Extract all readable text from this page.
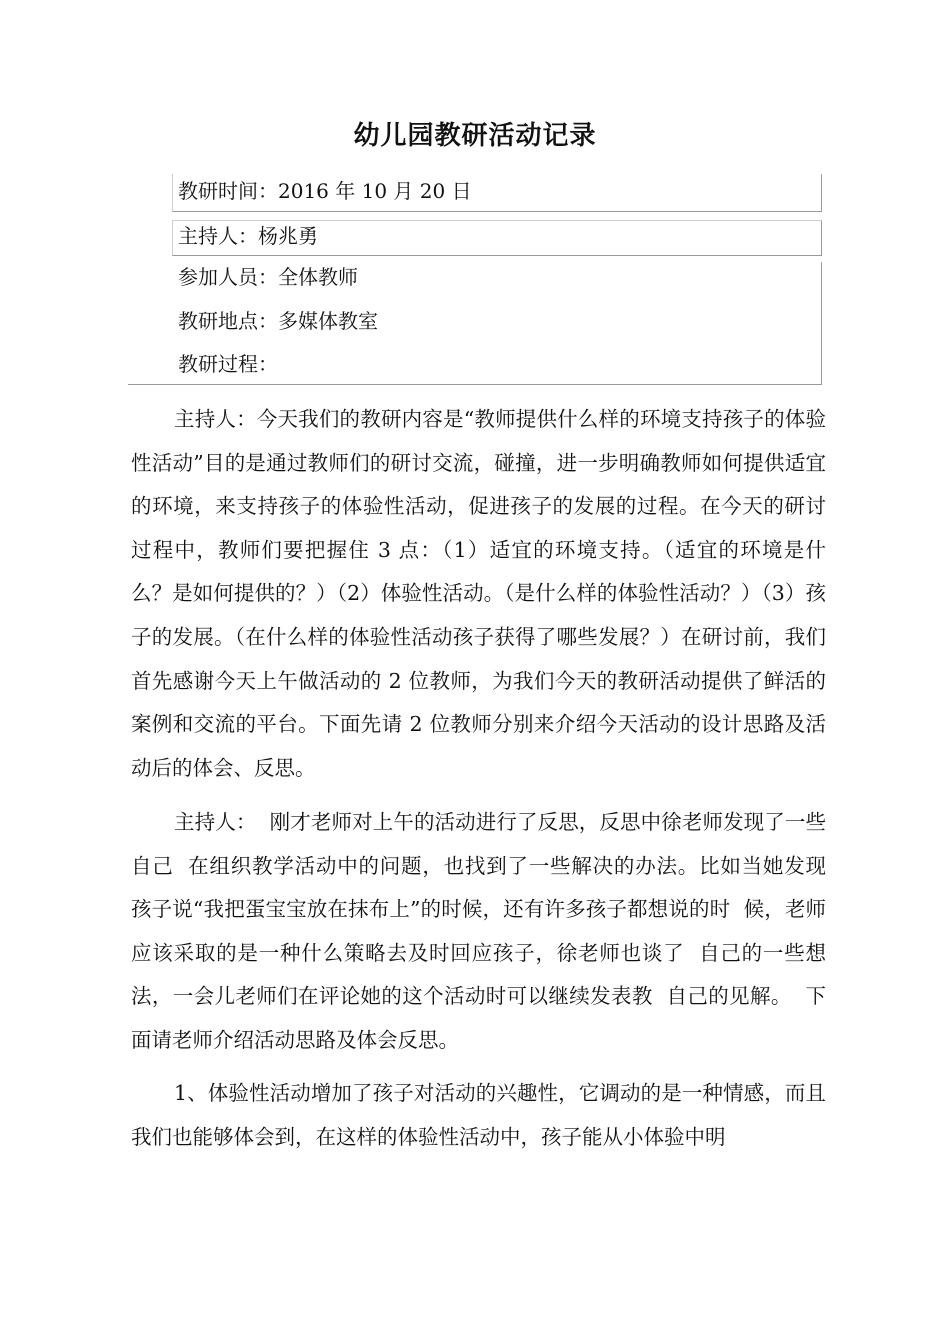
幼儿园教研活动记录
教研时间：2016 年 10 月 20 日
主持人：杨兆勇
参加人员：全体教师
教研地点：多媒体教室
教研过程：

主持人：今天我们的教研内容是“教师提供什么样的环境支持孩子的体验  性活动”目的是通过教师们的研讨交流，碰撞，进一步明确教师如何提供适宜的环境，来支持孩子的体验性活动，促进孩子的发展的过程。在今天的研讨过程中，教师们要把握住 3 点：（1）适宜的环境支持。（适宜的环境是什么？是如何提供的？）（2）体验性活动。（是什么样的体验性活动？）（3）孩子的发展。（在什么样的体验性活动孩子获得了哪些发展？）在研讨前，我们首先感谢今天上午做活动的 2 位教师，为我们今天的教研活动提供了鲜活的案例和交流的平台。下面先请 2 位教师分别来介绍今天活动的设计思路及活动后的体会、反思。

主持人：  刚才老师对上午的活动进行了反思，反思中徐老师发现了一些自己  在组织教学活动中的问题，也找到了一些解决的办法。比如当她发现  孩子说“我把蛋宝宝放在抹布上”的时候，还有许多孩子都想说的时  候，老师应该采取的是一种什么策略去及时回应孩子，徐老师也谈了  自己的一些想法，一会儿老师们在评论她的这个活动时可以继续发表教  自己的见解。  下面请老师介绍活动思路及体会反思。

1、体验性活动增加了孩子对活动的兴趣性，它调动的是一种情感，而且我们也能够体会到，在这样的体验性活动中，孩子能从小体验中明
